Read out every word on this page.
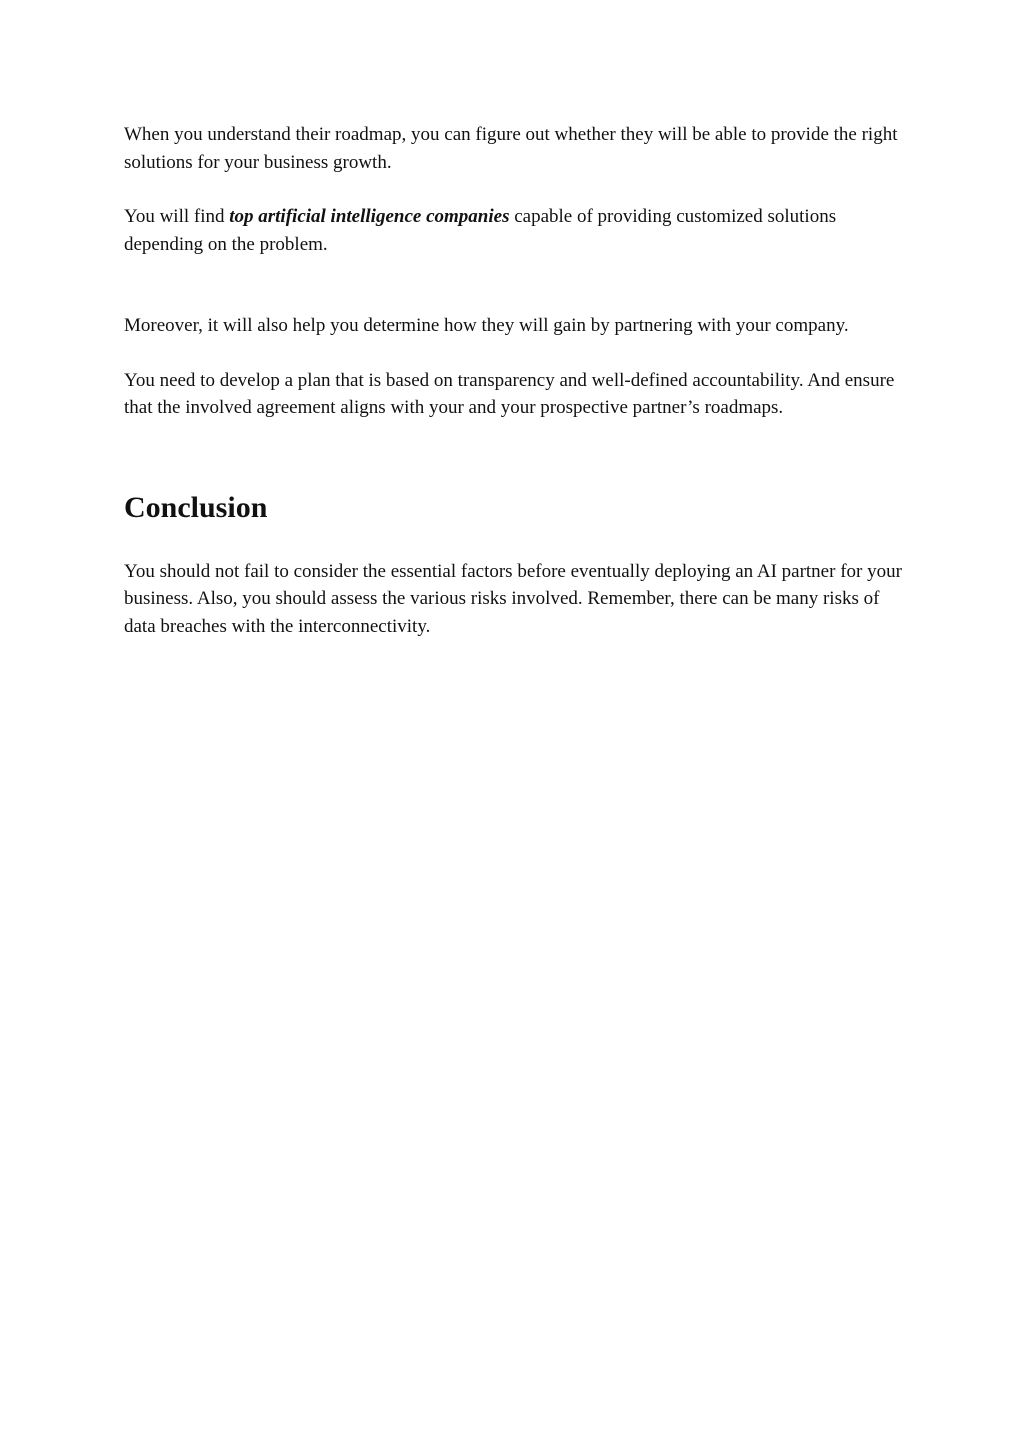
When you understand their roadmap, you can figure out whether they will be able to provide the right solutions for your business growth.

You will find top artificial intelligence companies capable of providing customized solutions depending on the problem.

Moreover, it will also help you determine how they will gain by partnering with your company.

You need to develop a plan that is based on transparency and well-defined accountability. And ensure that the involved agreement aligns with your and your prospective partner’s roadmaps.

Conclusion

You should not fail to consider the essential factors before eventually deploying an AI partner for your business. Also, you should assess the various risks involved. Remember, there can be many risks of data breaches with the interconnectivity.
